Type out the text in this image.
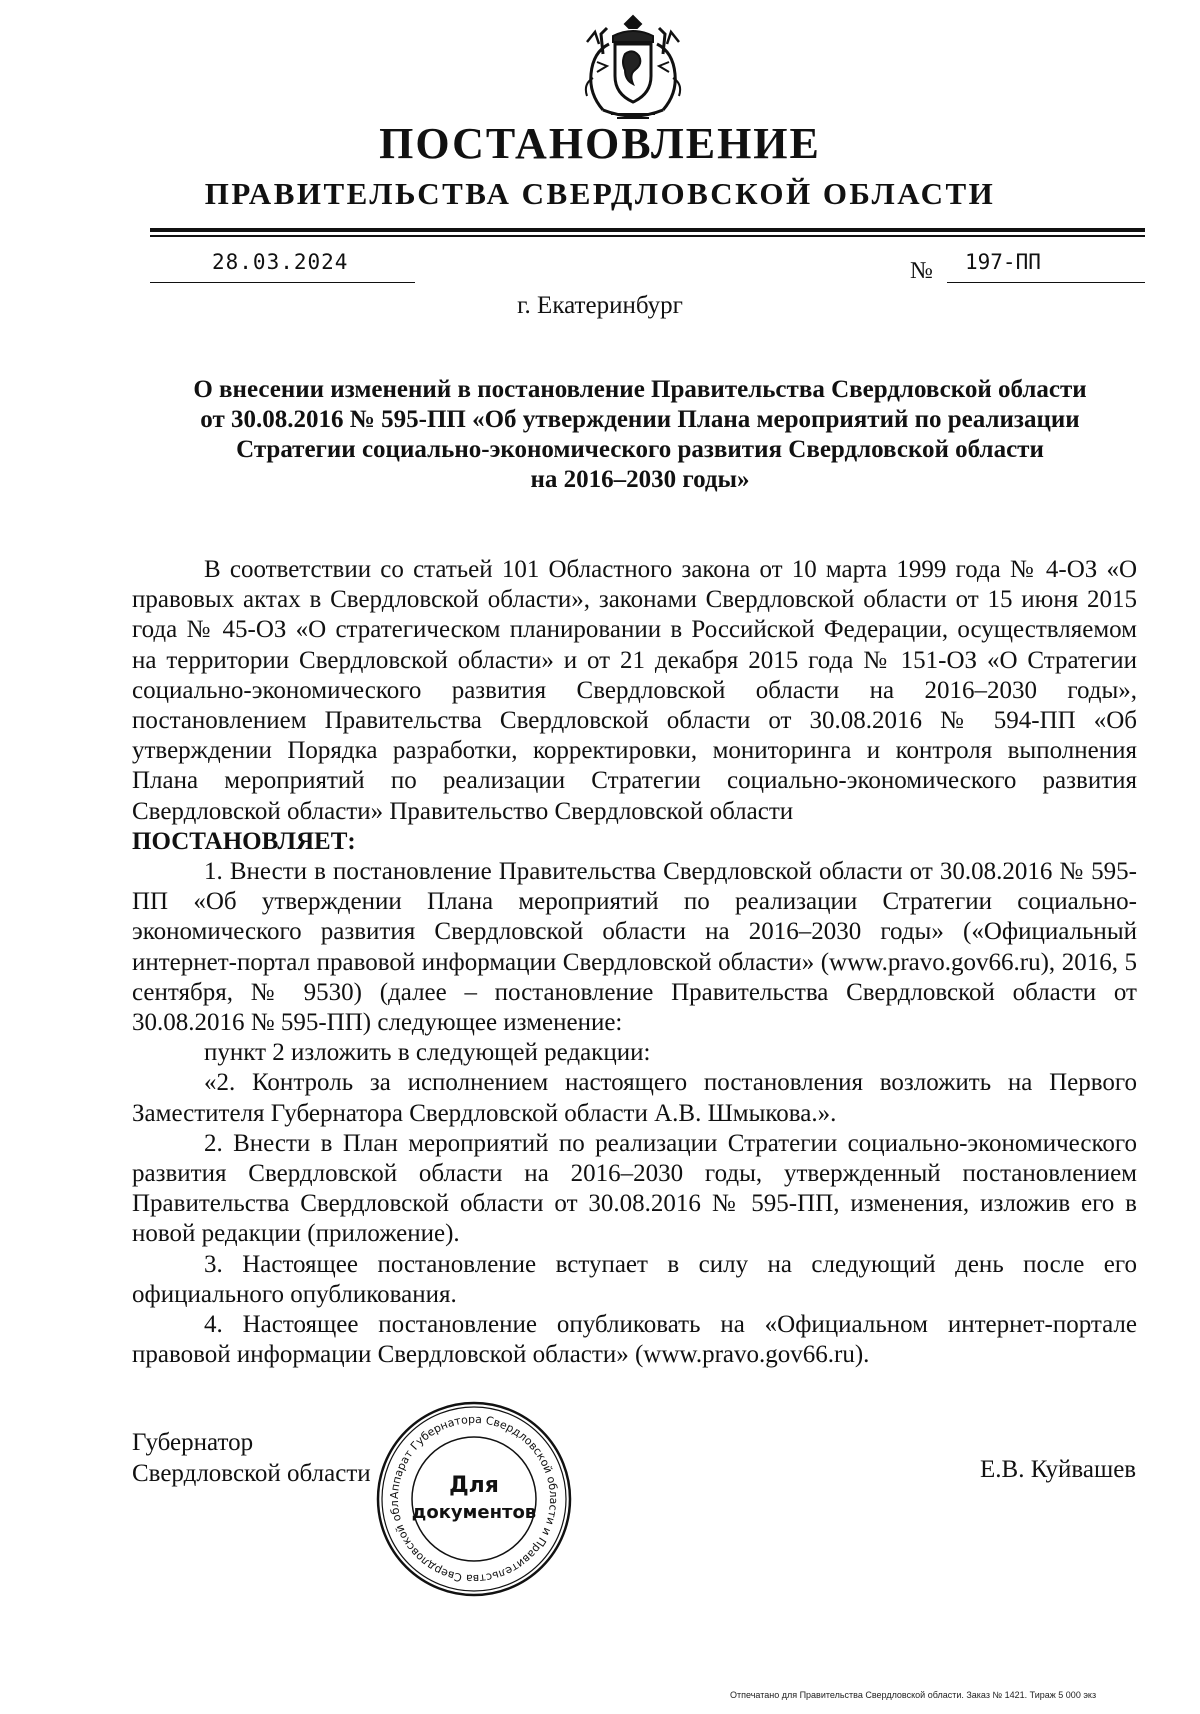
ПОСТАНОВЛЕНИЕ
ПРАВИТЕЛЬСТВА СВЕРДЛОВСКОЙ ОБЛАСТИ
28.03.2024	№ 197-ПП
г. Екатеринбург
О внесении изменений в постановление Правительства Свердловской области
от 30.08.2016 № 595-ПП «Об утверждении Плана мероприятий по реализации
Стратегии социально-экономического развития Свердловской области
на 2016–2030 годы»

В соответствии со статьей 101 Областного закона от 10 марта 1999 года № 4-ОЗ «О правовых актах в Свердловской области», законами Свердловской области от 15 июня 2015 года № 45-ОЗ «О стратегическом планировании в Российской Федерации, осуществляемом на территории Свердловской области» и от 21 декабря 2015 года № 151-ОЗ «О Стратегии социально-экономического развития Свердловской области на 2016–2030 годы», постановлением Правительства Свердловской области от 30.08.2016 № 594-ПП «Об утверждении Порядка разработки, корректировки, мониторинга и контроля выполнения Плана мероприятий по реализации Стратегии социально-экономического развития Свердловской области» Правительство Свердловской области

ПОСТАНОВЛЯЕТ:

1. Внести в постановление Правительства Свердловской области от 30.08.2016 № 595-ПП «Об утверждении Плана мероприятий по реализации Стратегии социально-экономического развития Свердловской области на 2016–2030 годы» («Официальный интернет-портал правовой информации Свердловской области» (www.pravo.gov66.ru), 2016, 5 сентября, № 9530) (далее – постановление Правительства Свердловской области от 30.08.2016 № 595-ПП) следующее изменение:

пункт 2 изложить в следующей редакции:

«2. Контроль за исполнением настоящего постановления возложить на Первого Заместителя Губернатора Свердловской области А.В. Шмыкова.».

2. Внести в План мероприятий по реализации Стратегии социально-экономического развития Свердловской области на 2016–2030 годы, утвержденный постановлением Правительства Свердловской области от 30.08.2016 № 595-ПП, изменения, изложив его в новой редакции (приложение).

3. Настоящее постановление вступает в силу на следующий день после его официального опубликования.

4. Настоящее постановление опубликовать на «Официальном интернет-портале правовой информации Свердловской области» (www.pravo.gov66.ru).

Губернатор
Свердловской области	Е.В. Куйвашев
Аппарат Губернатора Свердловской области и Правительства Свердловской обл
Для
документов
Отпечатано для Правительства Свердловской области. Заказ № 1421. Тираж 5 000 экз
